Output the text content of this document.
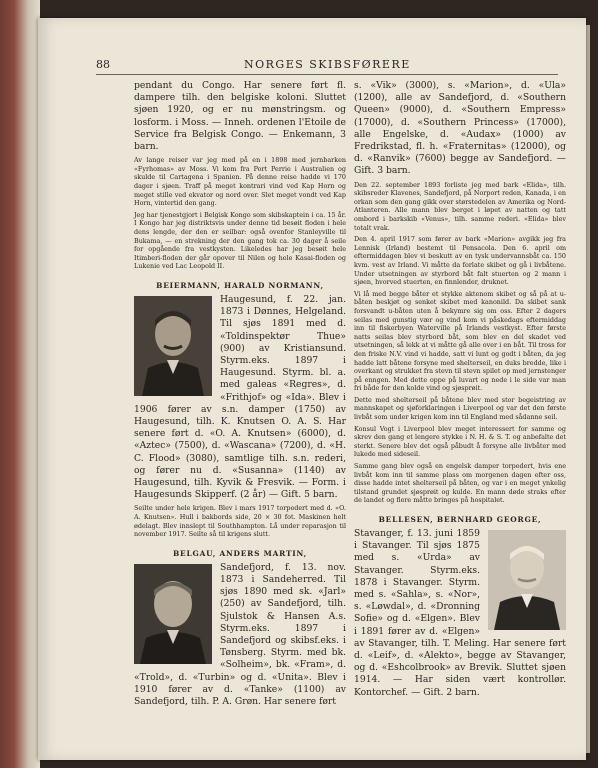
88	NORGES SKIBSFØRERE

pendant du Congo. Har senere ført fl. dampere tilh. den belgiske koloni. Sluttet sjøen 1920, og er nu mønstringsm. og losform. i Moss. — Inneh. ordenen l'Etoile de Service fra Belgisk Congo. — Enkemann, 3 barn.

Av lange reiser var jeg med på en i 1898 med jernbarken «Fyrhomas» av Moss. Vi kom fra Port Perrie i Australien og skulde til Cartagena i Spanien. På denne reise hadde vi 170 dager i sjøen. Traff på meget kontrari vind ved Kap Horn og meget stille ved ekvator og nord over. Slet meget vondt ved Kap Horn, vintertid den gang.

Jeg har tjenestgjort i Belgisk Kongo som skibskaptein i ca. 15 år. I Kongo har jeg distriktsvis under denne tid besøit floden i hele dens lengde, der den er seilbar: også ovenfor Stanleyville til Bukama, — en strekning der den gang tok ca. 30 dager å seile for opgående fra vestkysten. Likeledes har jeg besøit hele Itimberi-floden der går opover til Nilen og hele Kasai-floden og Lukenie ved Lac Leopold II.

BEIERMANN, HARALD NORMANN,

Haugesund, f. 22. jan. 1873 i Dønnes, Helgeland. Til sjøs 1891 med d. «Toldinspektør Thue» (900) av Kristiansund. Styrm.eks. 1897 i Haugesund. Styrm. bl. a. med galeas «Regres», d. «Frithjof» og «Ida». Blev i 1906 fører av s.n. damper (1750) av Haugesund, tilh. K. Knutsen O. A. S. Har senere ført d. «O. A. Knutsen» (6000), d. «Aztec» (7500), d. «Wascana» (7200), d. «H. C. Flood» (3080), samtlige tilh. s.n. rederi, og fører nu d. «Susanna» (1140) av Haugesund, tilh. Kyvik & Fresvik. — Form. i Haugesunds Skipperf. (2 år) — Gift. 5 barn.

Seilte under hele krigen. Blev i mars 1917 torpedert med d. «O. A. Knutsen». Hull i bakbords side, 20 × 30 fot. Maskinen helt ødelagt. Blev innslept til Southhampton. Lå under reparasjon til november 1917. Seilte så til krigens slutt.

BELGAU, ANDERS MARTIN,

Sandefjord, f. 13. nov. 1873 i Sandeherred. Til sjøs 1890 med sk. «Jarl» (250) av Sandefjord, tilh. Sjulstok & Hansen A.s. Styrm.eks. 1897 i Sandefjord og skibsf.eks. i Tønsberg. Styrm. med bk. «Solheim», bk. «Fram», d. «Trold», d. «Turbin» og d. «Unita». Blev i 1910 fører av d. «Tanke» (1100) av Sandefjord, tilh. P. A. Grøn. Har senere ført

s. «Vik» (3000), s. «Marion», d. «Ula» (1200), alle av Sandefjord, d. «Southern Queen» (9000), d. «Southern Empress» (17000), d. «Southern Princess» (17000), alle Engelske, d. «Audax» (1000) av Fredrikstad, fl. h. «Fraternitas» (12000), og d. «Ranvik» (7600) begge av Sandefjord. — Gift. 3 barn.

Den 22. september 1893 forliste jeg med bark «Elida», tilh. skibsreder Klavenes, Sandefjord, på Norport reden, Kanada, i en orkan som den gang gikk over størstedelen av Amerika og Nord-Atlanteren. Alle mann blev berget i løpet av natten og tatt ombord i barkskib «Venus», tilh. samme rederi. «Elida» blev totalt vrak.

Den 4. april 1917 som fører av bark «Marion» avgikk jeg fra Lennisk (Irland) bestemt til Pensacola. Den 6. april om eftermiddagen blev vi beskutt av en tysk undervannsbåt ca. 150 kvm. vest av Irland. Vi måtte da forlate skibet og gå i livbåtene. Under utsetningen av styrbord båt falt stuerten og 2 mann i sjøen, hvorved stuerten, en finnlender, druknet.

Vi lå med begge båter et stykke aktenom skibet og så på at u-båten beskjøt og senket skibet med kanonild. Da skibet sank forsvandt u-båten uten å bekymre sig om oss. Efter 2 dagers seilas med gunstig vær og vind kom vi påskedags eftermiddag inn til fiskerbyen Waterville på Irlands vestkyst. Efter første natts seilas blev styrbord båt, som blev en del skadet ved utsetningen, så lekk at vi måtte gå alle over i en båt. Til tross for den friske N.V. vind vi hadde, satt vi lunt og godt i båten, da jeg hadde latt båtene forsyne med shelterseil, en duks bredde, like i overkant og strukket fra stevn til stevn spilet op med jernstenger på enngen. Med dette oppe på luvart og nede i le side var man fri både for den kolde vind og sjøsprøit.

Dette med shelterseil på båtene blev med stor begeistring av mannskapet og sjøforklaringen i Liverpool og var det den første livbåt som under krigen kom inn til England med sådanne seil.

Konsul Vogt i Liverpool blev meget interessert for samme og skrev den gang et lengere stykke i N. H. & S. T. og anbefalte det sterkt. Senere blev det også påbudt å forsyne alle livbåter med lukede med sideseil.

Samme gang blev også en engelsk damper torpedert, hvis ene livbåt kom inn til samme plass om morgenen dagen efter oss, disse hadde intet shelterseil på båten, og var i en meget ynkelig tilstand grundet sjøsprøit og kulde. En mann døde straks efter de landet og flere måtte bringes på hospitalet.

BELLESEN, BERNHARD GEORGE,

Stavanger, f. 13. juni 1859 i Stavanger. Til sjøs 1875 med s. «Urda» av Stavanger. Styrm.eks. 1878 i Stavanger. Styrm. med s. «Sahla», s. «Nor», s. «Løwdal», d. «Dronning Sofie» og d. «Elgen». Blev i 1891 fører av d. «Elgen» av Stavanger, tilh. T. Meling. Har senere ført d. «Leif», d. «Alekto», begge av Stavanger, og d. «Eshcolbrook» av Brevik. Sluttet sjøen 1914. — Har siden vært kontrollør. Kontorchef. — Gift. 2 barn.
